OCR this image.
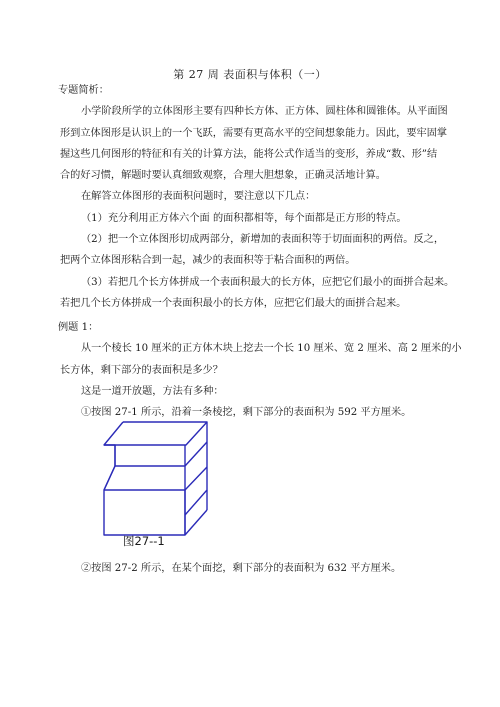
第 27 周 表面积与体积（一）
专题简析：
小学阶段所学的立体图形主要有四种长方体、正方体、圆柱体和圆锥体。从平面图
形到立体图形是认识上的一个飞跃，需要有更高水平的空间想象能力。因此，要牢固掌
握这些几何图形的特征和有关的计算方法，能将公式作适当的变形，养成“数、形”结
合的好习惯，解题时要认真细致观察，合理大胆想象，正确灵活地计算。
在解答立体图形的表面积问题时，要注意以下几点：
（1）充分利用正方体六个面 的面积都相等，每个面都是正方形的特点。
（2）把一个立体图形切成两部分，新增加的表面积等于切面面积的两倍。反之，
把两个立体图形粘合到一起，减少的表面积等于粘合面积的两倍。
（3）若把几个长方体拼成一个表面积最大的长方体，应把它们最小的面拼合起来。
若把几个长方体拼成一个表面积最小的长方体，应把它们最大的面拼合起来。
例题 1：
从一个棱长 10 厘米的正方体木块上挖去一个长 10 厘米、宽 2 厘米、高 2 厘米的小
长方体，剩下部分的表面积是多少？
这是一道开放题，方法有多种：
①按图 27-1 所示，沿着一条棱挖，剩下部分的表面积为 592 平方厘米。
图27--1
②按图 27-2 所示，在某个面挖，剩下部分的表面积为 632 平方厘米。
